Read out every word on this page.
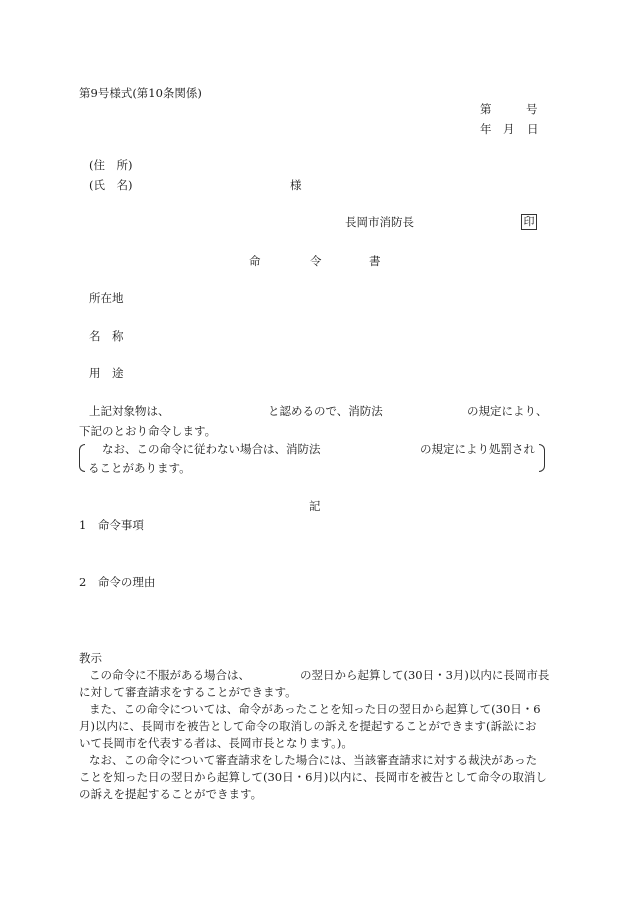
第9号様式(第10条関係)
第	号
年 月 日
(住　所)
(氏　名)	様
長岡市消防長	印
命	令	書
所在地
名　称
用　途
上記対象物は、	と認めるので、消防法	の規定により、
下記のとおり命令します。
なお、この命令に従わない場合は、消防法	の規定により処罰され
ることがあります。
記
1　命令事項
2　命令の理由
教示
この命令に不服がある場合は、	の翌日から起算して(30日・3月)以内に長岡市長
に対して審査請求をすることができます。
また、この命令については、命令があったことを知った日の翌日から起算して(30日・6
月)以内に、長岡市を被告として命令の取消しの訴えを提起することができます(訴訟にお
いて長岡市を代表する者は、長岡市長となります。)。
なお、この命令について審査請求をした場合には、当該審査請求に対する裁決があった
ことを知った日の翌日から起算して(30日・6月)以内に、長岡市を被告として命令の取消し
の訴えを提起することができます。
